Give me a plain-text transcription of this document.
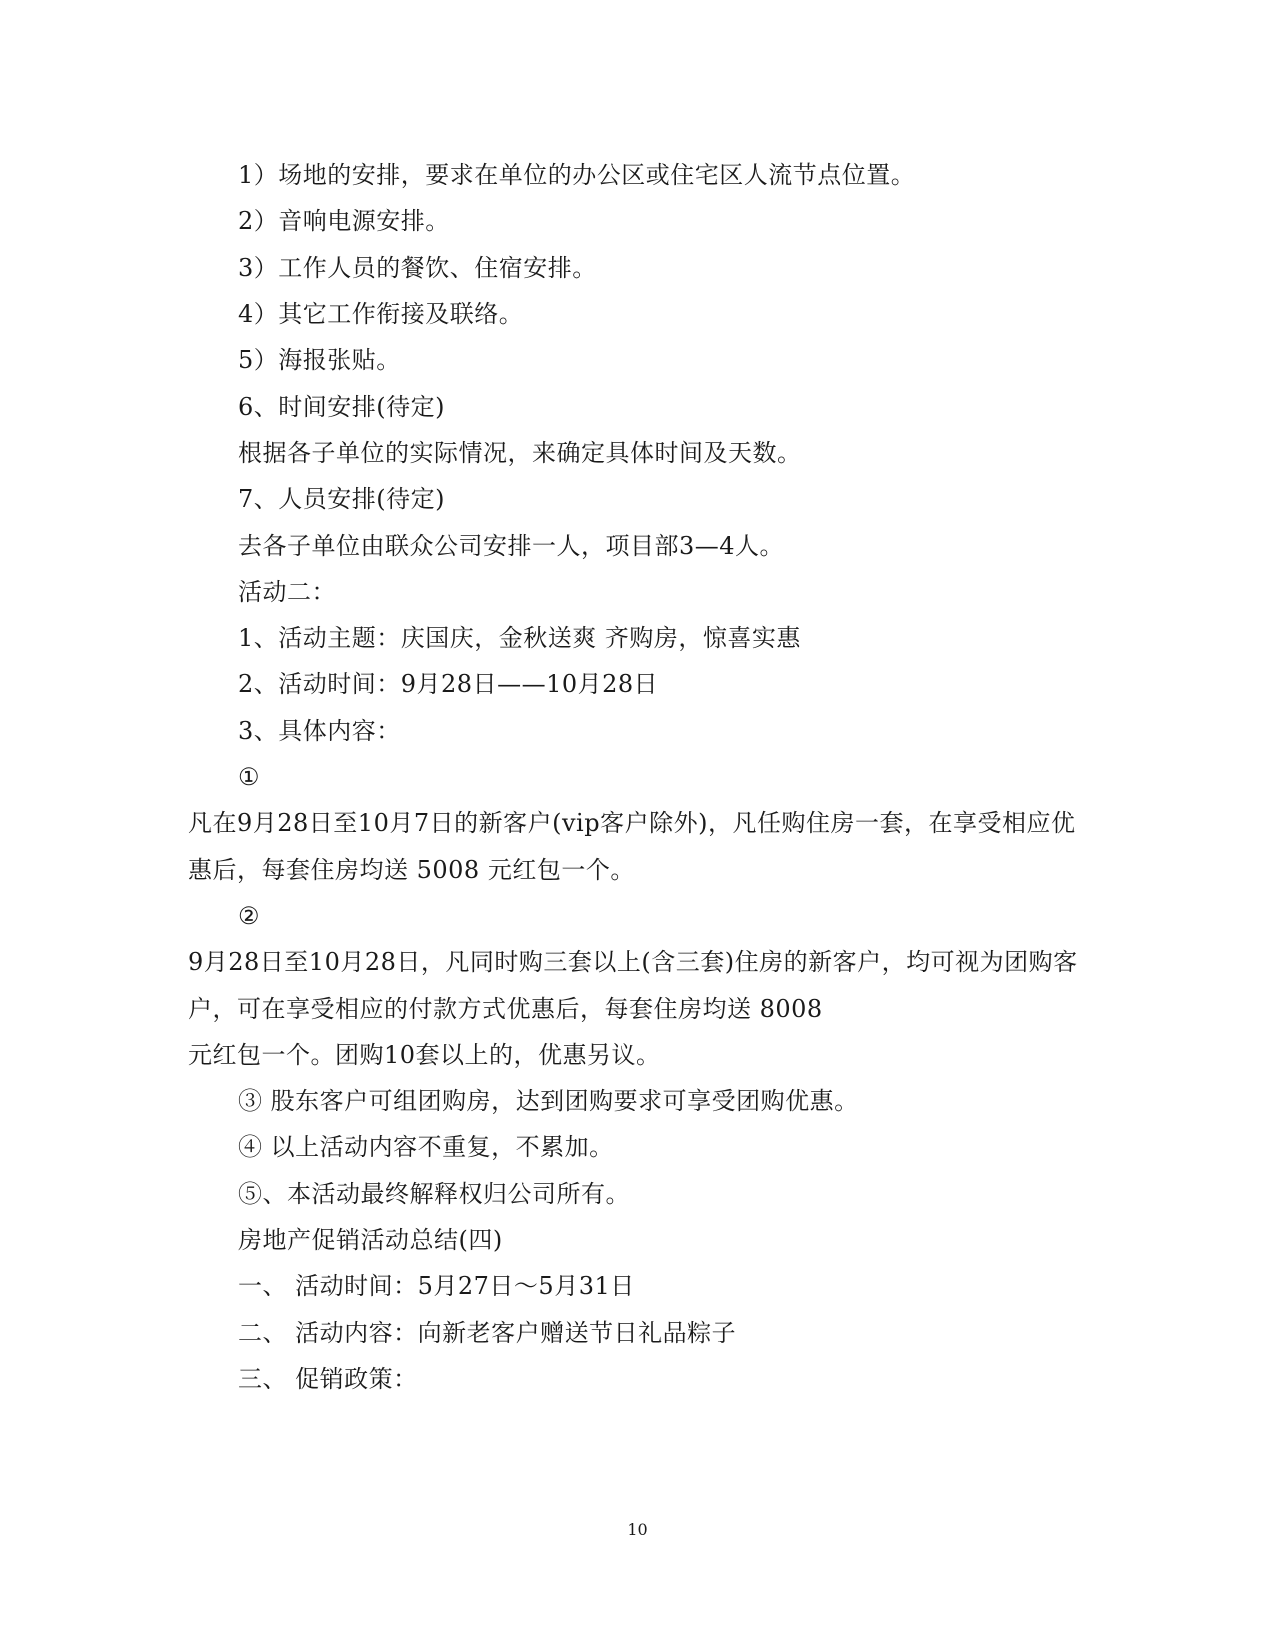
1）场地的安排，要求在单位的办公区或住宅区人流节点位置。
2）音响电源安排。
3）工作人员的餐饮、住宿安排。
4）其它工作衔接及联络。
5）海报张贴。
6、时间安排(待定)
根据各子单位的实际情况，来确定具体时间及天数。
7、人员安排(待定)
去各子单位由联众公司安排一人，项目部3—4人。
活动二：
1、活动主题：庆国庆，金秋送爽 齐购房，惊喜实惠
2、活动时间：9月28日——10月28日
3、具体内容：
①
凡在9月28日至10月7日的新客户(vip客户除外)，凡任购住房一套，在享受相应优
惠后，每套住房均送 5008 元红包一个。
②
9月28日至10月28日，凡同时购三套以上(含三套)住房的新客户，均可视为团购客
户，可在享受相应的付款方式优惠后，每套住房均送 8008
元红包一个。团购10套以上的，优惠另议。
③ 股东客户可组团购房，达到团购要求可享受团购优惠。
④ 以上活动内容不重复，不累加。
⑤、本活动最终解释权归公司所有。
房地产促销活动总结(四)
一、 活动时间：5月27日～5月31日
二、 活动内容：向新老客户赠送节日礼品粽子
三、 促销政策：
10
